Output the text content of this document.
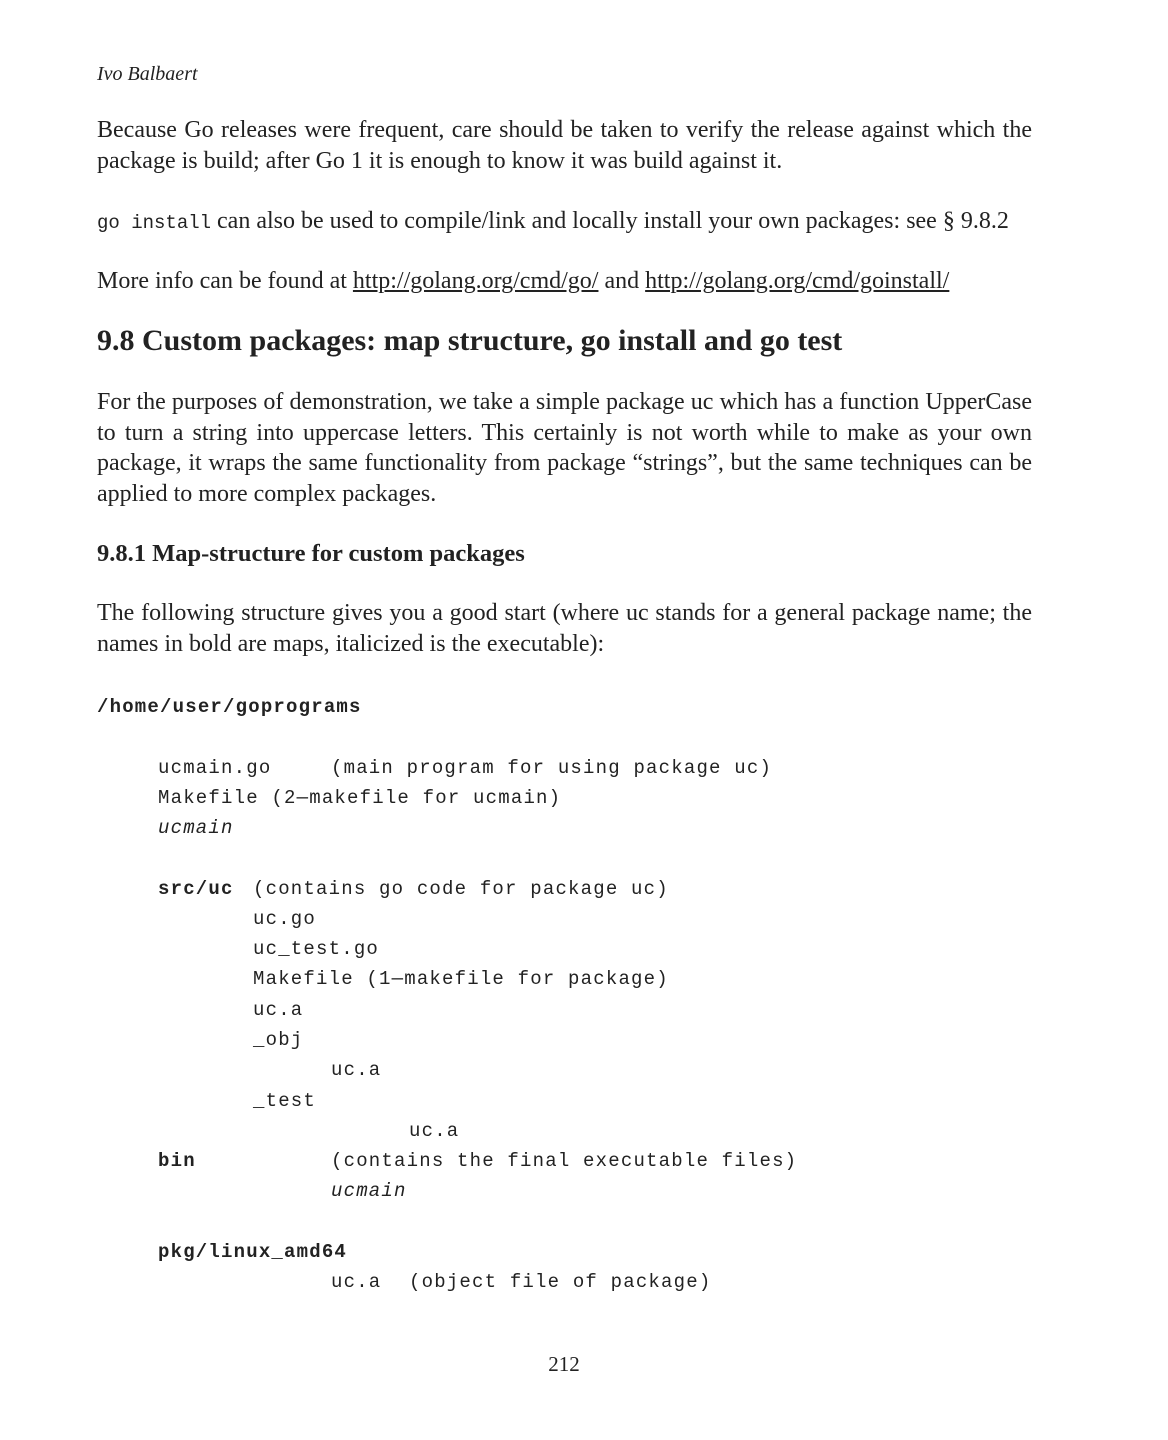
Ivo Balbaert
Because Go releases were frequent, care should be taken to verify the release against which the package is build; after Go 1 it is enough to know it was build against it.
go install can also be used to compile/link and locally install your own packages: see § 9.8.2
More info can be found at http://golang.org/cmd/go/ and http://golang.org/cmd/goinstall/
9.8 Custom packages: map structure, go install and go test
For the purposes of demonstration, we take a simple package uc which has a function UpperCase to turn a string into uppercase letters. This certainly is not worth while to make as your own package, it wraps the same functionality from package “strings”, but the same techniques can be applied to more complex packages.
9.8.1 Map-structure for custom packages
The following structure gives you a good start (where uc stands for a general package name; the names in bold are maps, italicized is the executable):
/home/user/goprograms
ucmain.go	(main program for using package uc)
Makefile (2—makefile for ucmain)
ucmain
src/uc (contains go code for package uc)
uc.go
uc_test.go
Makefile (1—makefile for package)
uc.a
_obj
uc.a
_test
uc.a
bin	(contains the final executable files)
ucmain
pkg/linux_amd64
uc.a (object file of package)
212
